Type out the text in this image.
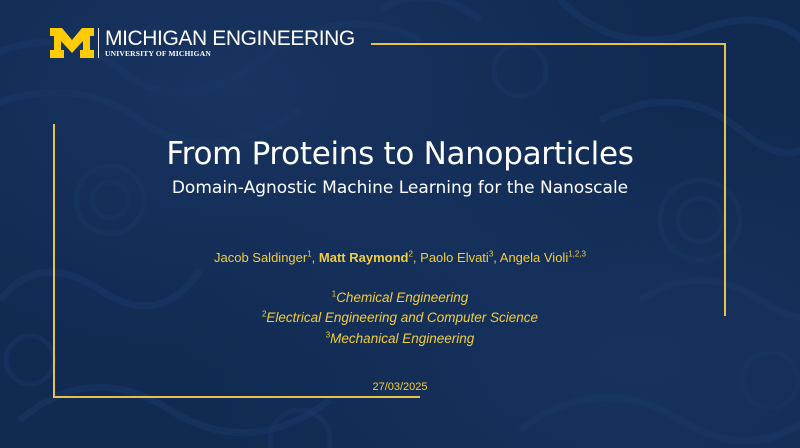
MICHIGAN ENGINEERING
UNIVERSITY OF MICHIGAN
From Proteins to Nanoparticles
Domain-Agnostic Machine Learning for the Nanoscale
Jacob Saldinger$^1$, Matt Raymond$^2$, Paolo Elvati$^3$, Angela Violi$^{1,2,3}$
$^1$Chemical Engineering
$^2$Electrical Engineering and Computer Science
$^3$Mechanical Engineering
27/03/2025
